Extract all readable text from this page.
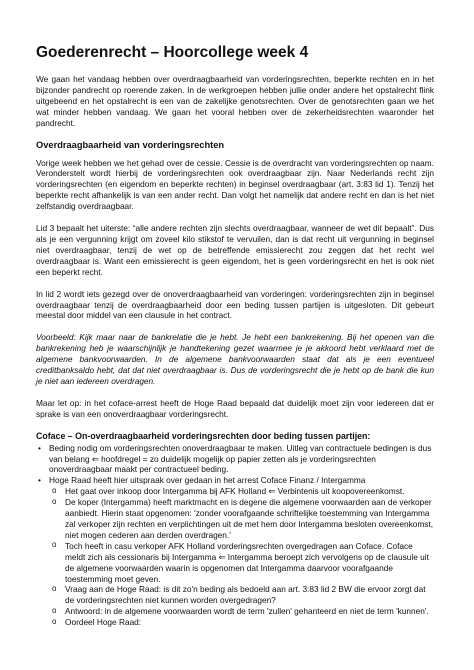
Goederenrecht – Hoorcollege week 4

We gaan het vandaag hebben over overdraagbaarheid van vorderingsrechten, beperkte rechten en in het bijzonder pandrecht op roerende zaken. In de werkgroepen hebben jullie onder andere het opstalrecht flink uitgebeend en het opstalrecht is een van de zakelijke genotsrechten. Over de genotsrechten gaan we het wat minder hebben vandaag. We gaan het vooral hebben over de zekerheidsrechten waaronder het pandrecht.

Overdraagbaarheid van vorderingsrechten

Vorige week hebben we het gehad over de cessie. Cessie is de overdracht van vorderingsrechten op naam. Veronderstelt wordt hierbij de vorderingsrechten ook overdraagbaar zijn. Naar Nederlands recht zijn vorderingsrechten (en eigendom en beperkte rechten) in beginsel overdraagbaar (art. 3:83 lid 1). Tenzij het beperkte recht afhankelijk is van een ander recht. Dan volgt het namelijk dat andere recht en dan is het niet zelfstandig overdraagbaar.

Lid 3 bepaalt het uiterste: “alle andere rechten zijn slechts overdraagbaar, wanneer de wet dit bepaalt”. Dus als je een vergunning krijgt om zoveel kilo stikstof te vervuilen, dan is dat recht uit vergunning in beginsel niet overdraagbaar, tenzij de wet op de betreffende emissierecht zou zeggen dat het recht wel overdraagbaar is. Want een emissierecht is geen eigendom, het is geen vorderingsrecht en het is ook niet een beperkt recht.

In lid 2 wordt iets gezegd over de onoverdraagbaarheid van vorderingen: vorderingsrechten zijn in beginsel overdraagbaar tenzij de overdraagbaarheid door een beding tussen partijen is uitgesloten. Dit gebeurt meestal door middel van een clausule in het contract.

Voorbeeld: Kijk maar naar de bankrelatie die je hebt. Je hebt een bankrekening. Bij het openen van die bankrekening heb je waarschijnlijk je handtekening gezet waarmee je je akkoord hebt verklaard met de algemene bankvoorwaarden. In de algemene bankvoorwaarden staat dat als je een eventueel creditbanksaldo hebt, dat dat niet overdraagbaar is. Dus de vorderingsrecht die je hebt op de bank die kun je niet aan iedereen overdragen.

Maar let op: in het coface-arrest heeft de Hoge Raad bepaald dat duidelijk moet zijn voor iedereen dat er sprake is van een onoverdraagbaar vorderingsrecht.

Coface – On-overdraagbaarheid vorderingsrechten door beding tussen partijen:
• Beding nodig om vorderingsrechten onoverdraagbaar te maken. Uitleg van contractuele bedingen is dus van belang ⇐ hoofdregel = zo duidelijk mogelijk op papier zetten als je vorderingsrechten onoverdraagbaar maakt per contractueel beding.
• Hoge Raad heeft hier uitspraak over gedaan in het arrest Coface Finanz / Intergamma
o Het gaat over inkoop door Intergamma bij AFK Holland ⇐ Verbintenis uit koopovereenkomst.
o De koper (Intergamma) heeft marktmacht en is degene die algemene voorwaarden aan de verkoper aanbiedt. Hierin staat opgenomen: 'zonder voorafgaande schriftelijke toestemming van Intergamma zal verkoper zijn rechten en verplichtingen uit de met hem door Intergamma besloten overeenkomst, niet mogen cederen aan derden overdragen.'
o Toch heeft in casu verkoper AFK Holland vorderingsrechten overgedragen aan Coface. Coface meldt zich als cessionaris bij Intergamma ⇐ Intergamma beroept zich vervolgens op de clausule uit de algemene voorwaarden waarin is opgenomen dat Intergamma daarvoor voorafgaande toestemming moet geven.
o Vraag aan de Hoge Raad: is dit zo'n beding als bedoeld aan art. 3:83 lid 2 BW die ervoor zorgt dat de vorderingsrechten niet kunnen worden overgedragen?
o Antwoord: in de algemene voorwaarden wordt de term 'zullen' gehanteerd en niet de term 'kunnen'.
o Oordeel Hoge Raad:
